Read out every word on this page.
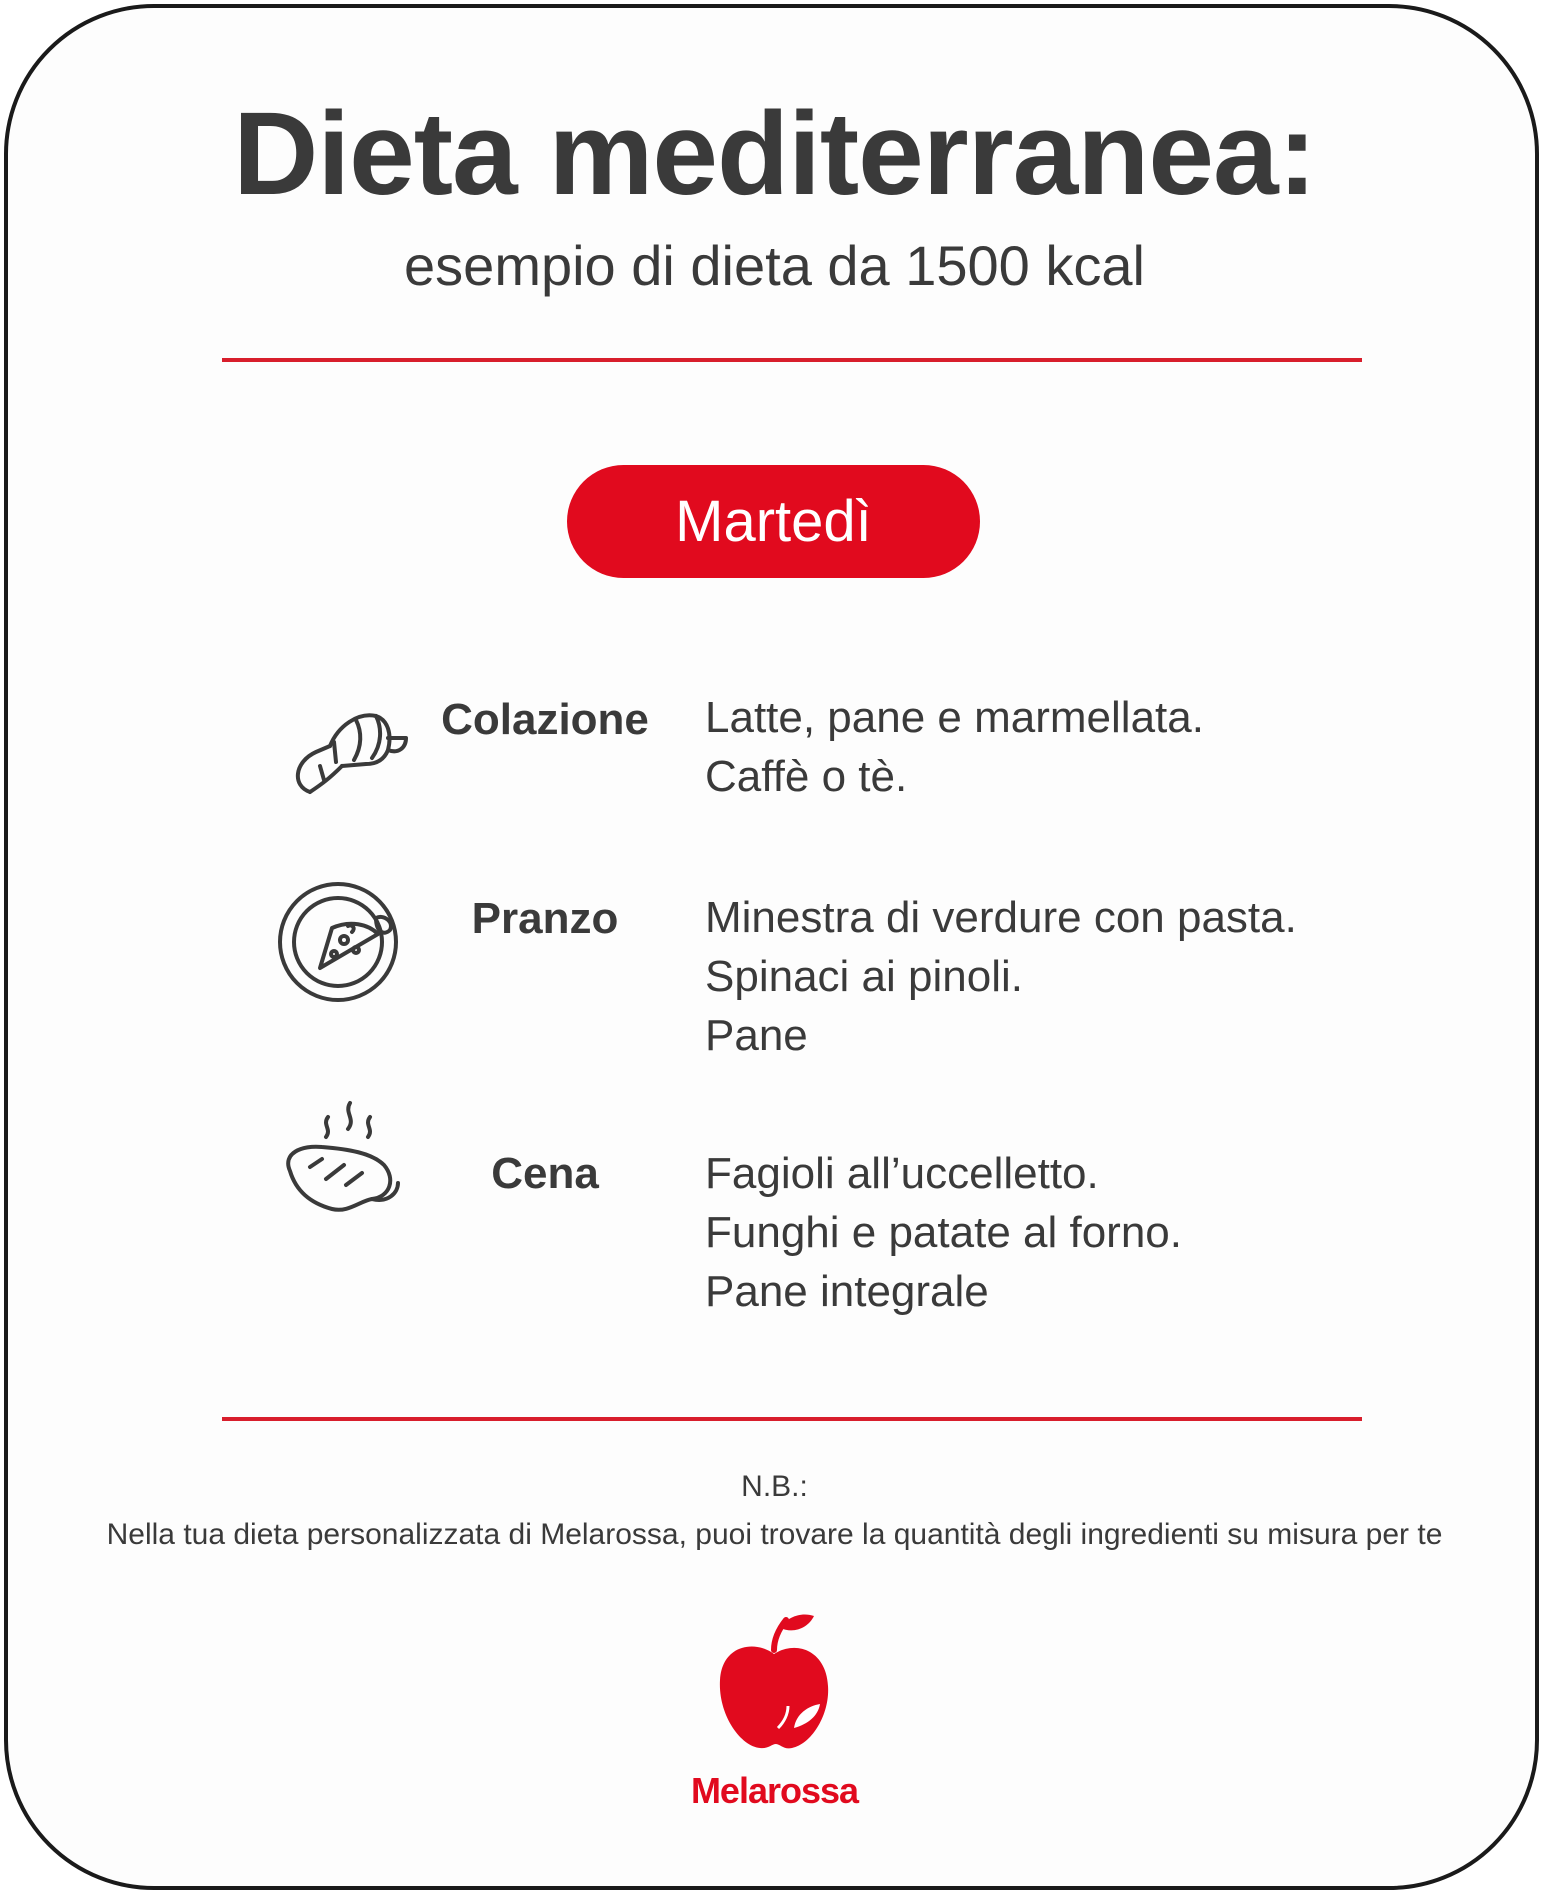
Dieta mediterranea:
esempio di dieta da 1500 kcal
Martedì
Colazione	Latte, pane e marmellata.
Caffè o tè.
Pranzo	Minestra di verdure con pasta.
Spinaci ai pinoli.
Pane
Cena	Fagioli all’uccelletto.
Funghi e patate al forno.
Pane integrale
N.B.:
Nella tua dieta personalizzata di Melarossa, puoi trovare la quantità degli ingredienti su misura per te
Melarossa
